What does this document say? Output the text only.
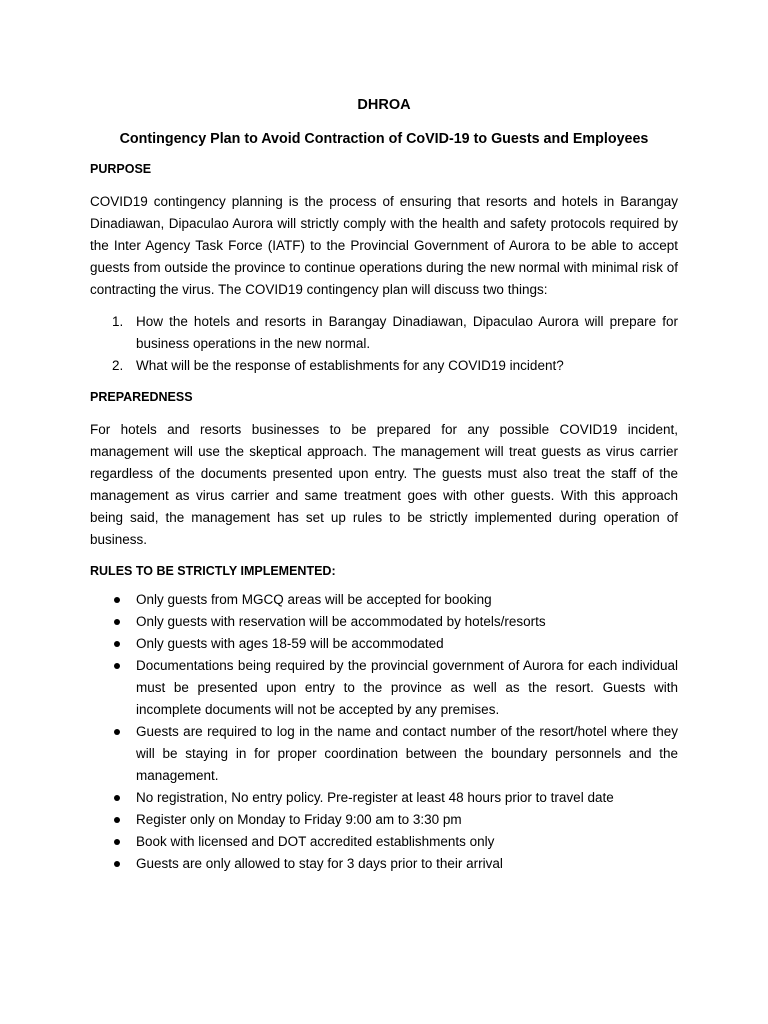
DHROA

Contingency Plan to Avoid Contraction of CoVID-19 to Guests and Employees

PURPOSE

COVID19 contingency planning is the process of ensuring that resorts and hotels in Barangay Dinadiawan, Dipaculao Aurora will strictly comply with the health and safety protocols required by the Inter Agency Task Force (IATF) to the Provincial Government of Aurora to be able to accept guests from outside the province to continue operations during the new normal with minimal risk of contracting the virus. The COVID19 contingency plan will discuss two things:

1. How the hotels and resorts in Barangay Dinadiawan, Dipaculao Aurora will prepare for business operations in the new normal.
2. What will be the response of establishments for any COVID19 incident?

PREPAREDNESS

For hotels and resorts businesses to be prepared for any possible COVID19 incident, management will use the skeptical approach. The management will treat guests as virus carrier regardless of the documents presented upon entry. The guests must also treat the staff of the management as virus carrier and same treatment goes with other guests. With this approach being said, the management has set up rules to be strictly implemented during operation of business.

RULES TO BE STRICTLY IMPLEMENTED:

Only guests from MGCQ areas will be accepted for booking
Only guests with reservation will be accommodated by hotels/resorts
Only guests with ages 18-59 will be accommodated
Documentations being required by the provincial government of Aurora for each individual must be presented upon entry to the province as well as the resort. Guests with incomplete documents will not be accepted by any premises.
Guests are required to log in the name and contact number of the resort/hotel where they will be staying in for proper coordination between the boundary personnels and the management.
No registration, No entry policy. Pre-register at least 48 hours prior to travel date
Register only on Monday to Friday 9:00 am to 3:30 pm
Book with licensed and DOT accredited establishments only
Guests are only allowed to stay for 3 days prior to their arrival
